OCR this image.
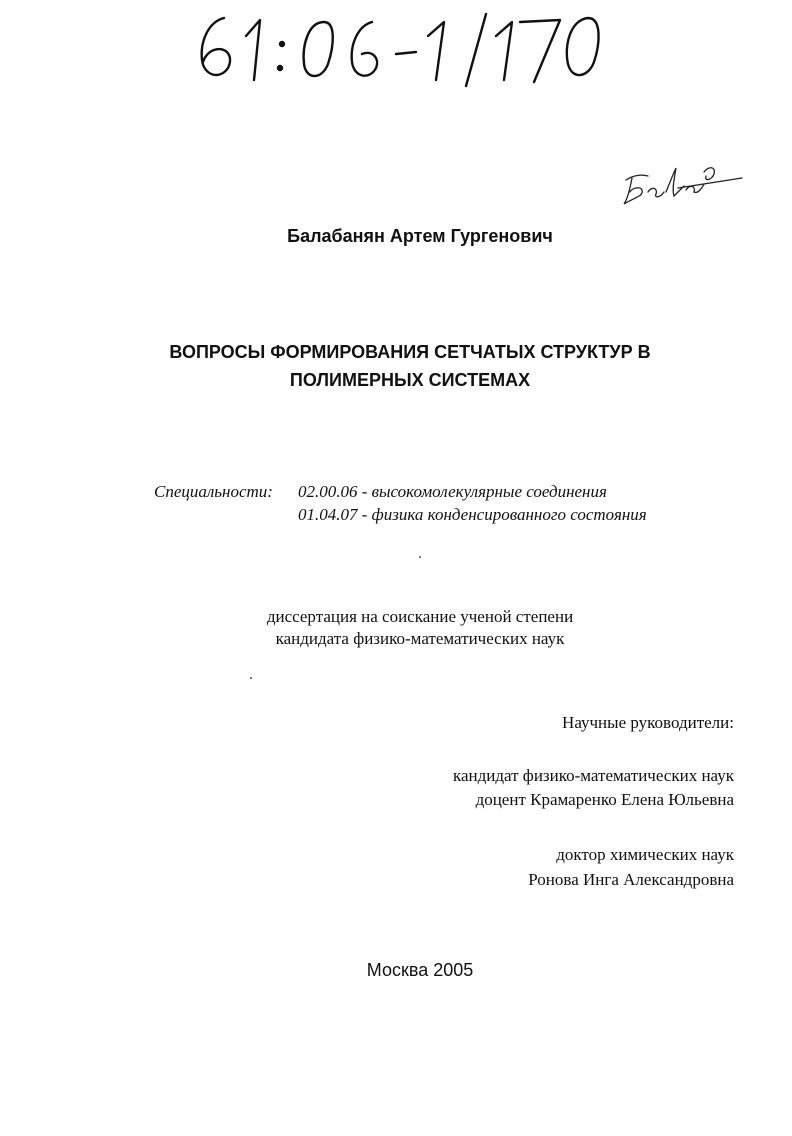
Балабанян Артем Гургенович
ВОПРОСЫ ФОРМИРОВАНИЯ СЕТЧАТЫХ СТРУКТУР В
ПОЛИМЕРНЫХ СИСТЕМАХ
Специальности: 02.00.06 - высокомолекулярные соединения
01.04.07 - физика конденсированного состояния
диссертация на соискание ученой степени
кандидата физико-математических наук
Научные руководители:
кандидат физико-математических наук
доцент Крамаренко Елена Юльевна
доктор химических наук
Ронова Инга Александровна
Москва 2005
